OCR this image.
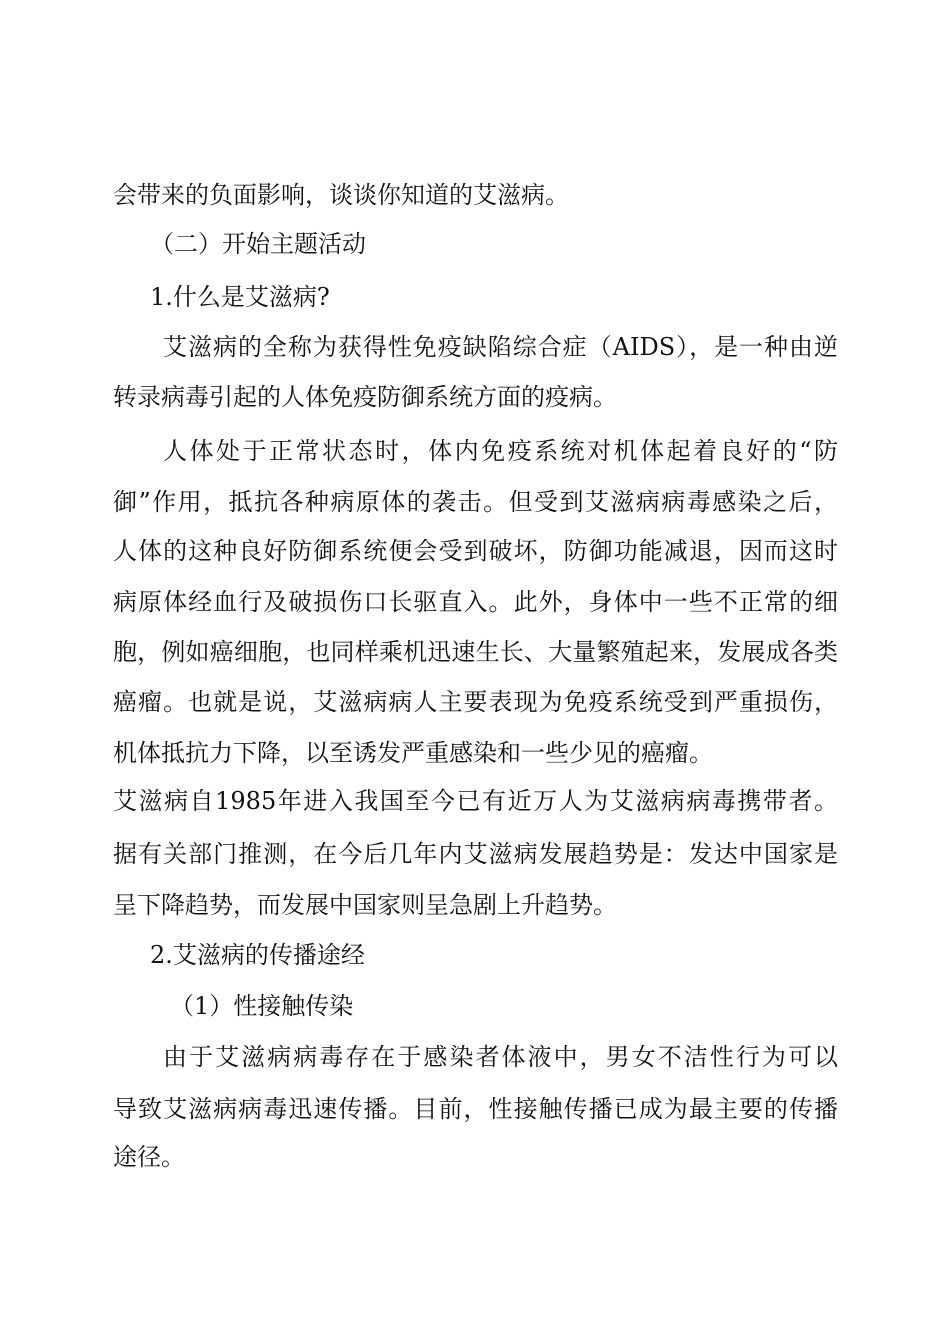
会带来的负面影响，谈谈你知道的艾滋病。
（二）开始主题活动
1.什么是艾滋病?
艾滋病的全称为获得性免疫缺陷综合症（AIDS），是一种由逆
转录病毒引起的人体免疫防御系统方面的疫病。
人体处于正常状态时，体内免疫系统对机体起着良好的“防
御”作用，抵抗各种病原体的袭击。但受到艾滋病病毒感染之后，
人体的这种良好防御系统便会受到破坏，防御功能减退，因而这时
病原体经血行及破损伤口长驱直入。此外，身体中一些不正常的细
胞，例如癌细胞，也同样乘机迅速生长、大量繁殖起来，发展成各类
癌瘤。也就是说，艾滋病病人主要表现为免疫系统受到严重损伤，
机体抵抗力下降，以至诱发严重感染和一些少见的癌瘤。
艾滋病自1985年进入我国至今已有近万人为艾滋病病毒携带者。
据有关部门推测，在今后几年内艾滋病发展趋势是：发达中国家是
呈下降趋势，而发展中国家则呈急剧上升趋势。
2.艾滋病的传播途经
（1）性接触传染
由于艾滋病病毒存在于感染者体液中，男女不洁性行为可以
导致艾滋病病毒迅速传播。目前，性接触传播已成为最主要的传播
途径。
